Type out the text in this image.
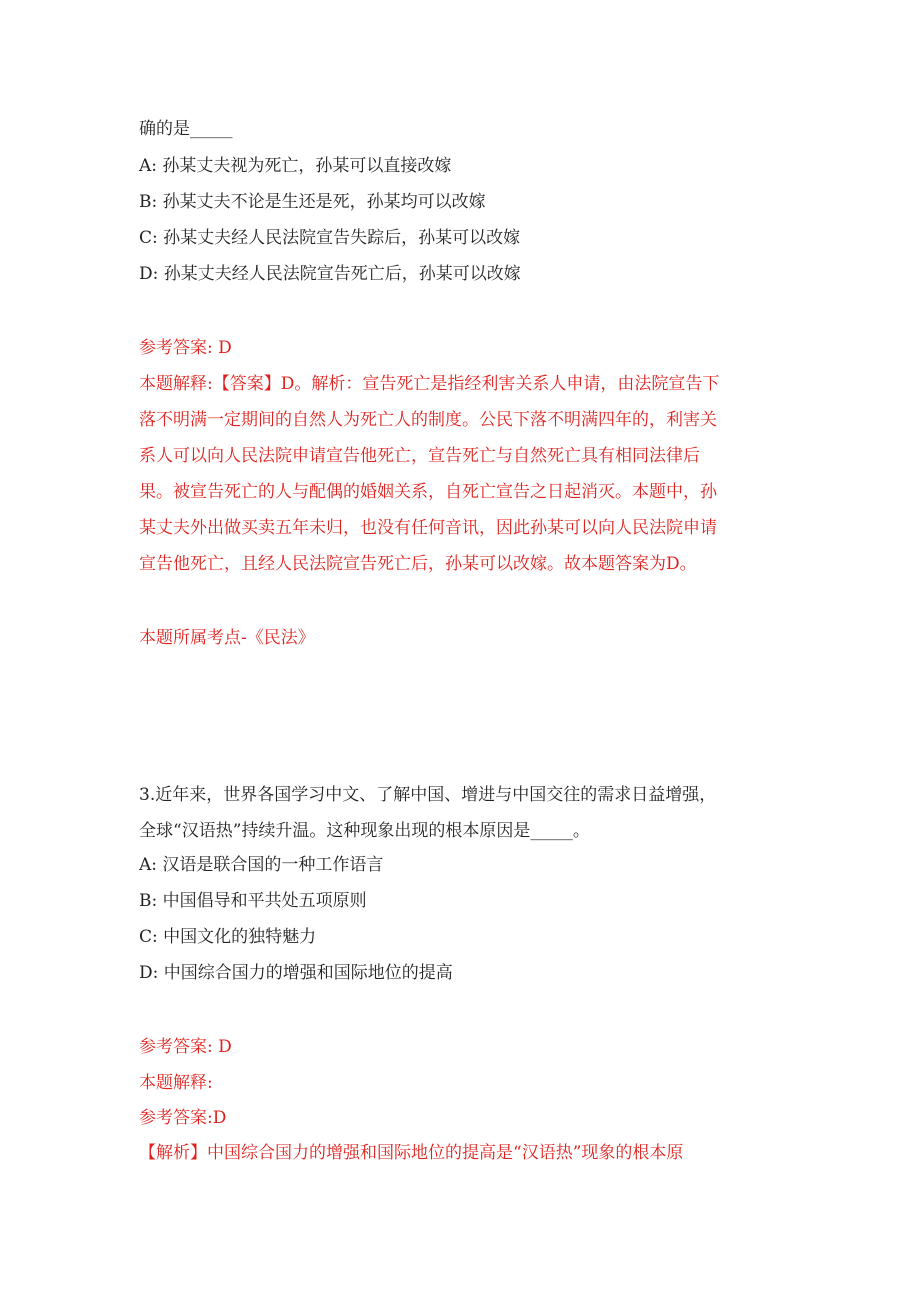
确的是_____
A: 孙某丈夫视为死亡，孙某可以直接改嫁
B: 孙某丈夫不论是生还是死，孙某均可以改嫁
C: 孙某丈夫经人民法院宣告失踪后，孙某可以改嫁
D: 孙某丈夫经人民法院宣告死亡后，孙某可以改嫁
参考答案: D
本题解释:【答案】D。解析：宣告死亡是指经利害关系人申请，由法院宣告下
落不明满一定期间的自然人为死亡人的制度。公民下落不明满四年的，利害关
系人可以向人民法院申请宣告他死亡，宣告死亡与自然死亡具有相同法律后
果。被宣告死亡的人与配偶的婚姻关系，自死亡宣告之日起消灭。本题中，孙
某丈夫外出做买卖五年未归，也没有任何音讯，因此孙某可以向人民法院申请
宣告他死亡，且经人民法院宣告死亡后，孙某可以改嫁。故本题答案为D。
本题所属考点-《民法》
3.近年来，世界各国学习中文、了解中国、增进与中国交往的需求日益增强，
全球“汉语热”持续升温。这种现象出现的根本原因是_____。
A: 汉语是联合国的一种工作语言
B: 中国倡导和平共处五项原则
C: 中国文化的独特魅力
D: 中国综合国力的增强和国际地位的提高
参考答案: D
本题解释:
参考答案:D
【解析】中国综合国力的增强和国际地位的提高是“汉语热”现象的根本原
